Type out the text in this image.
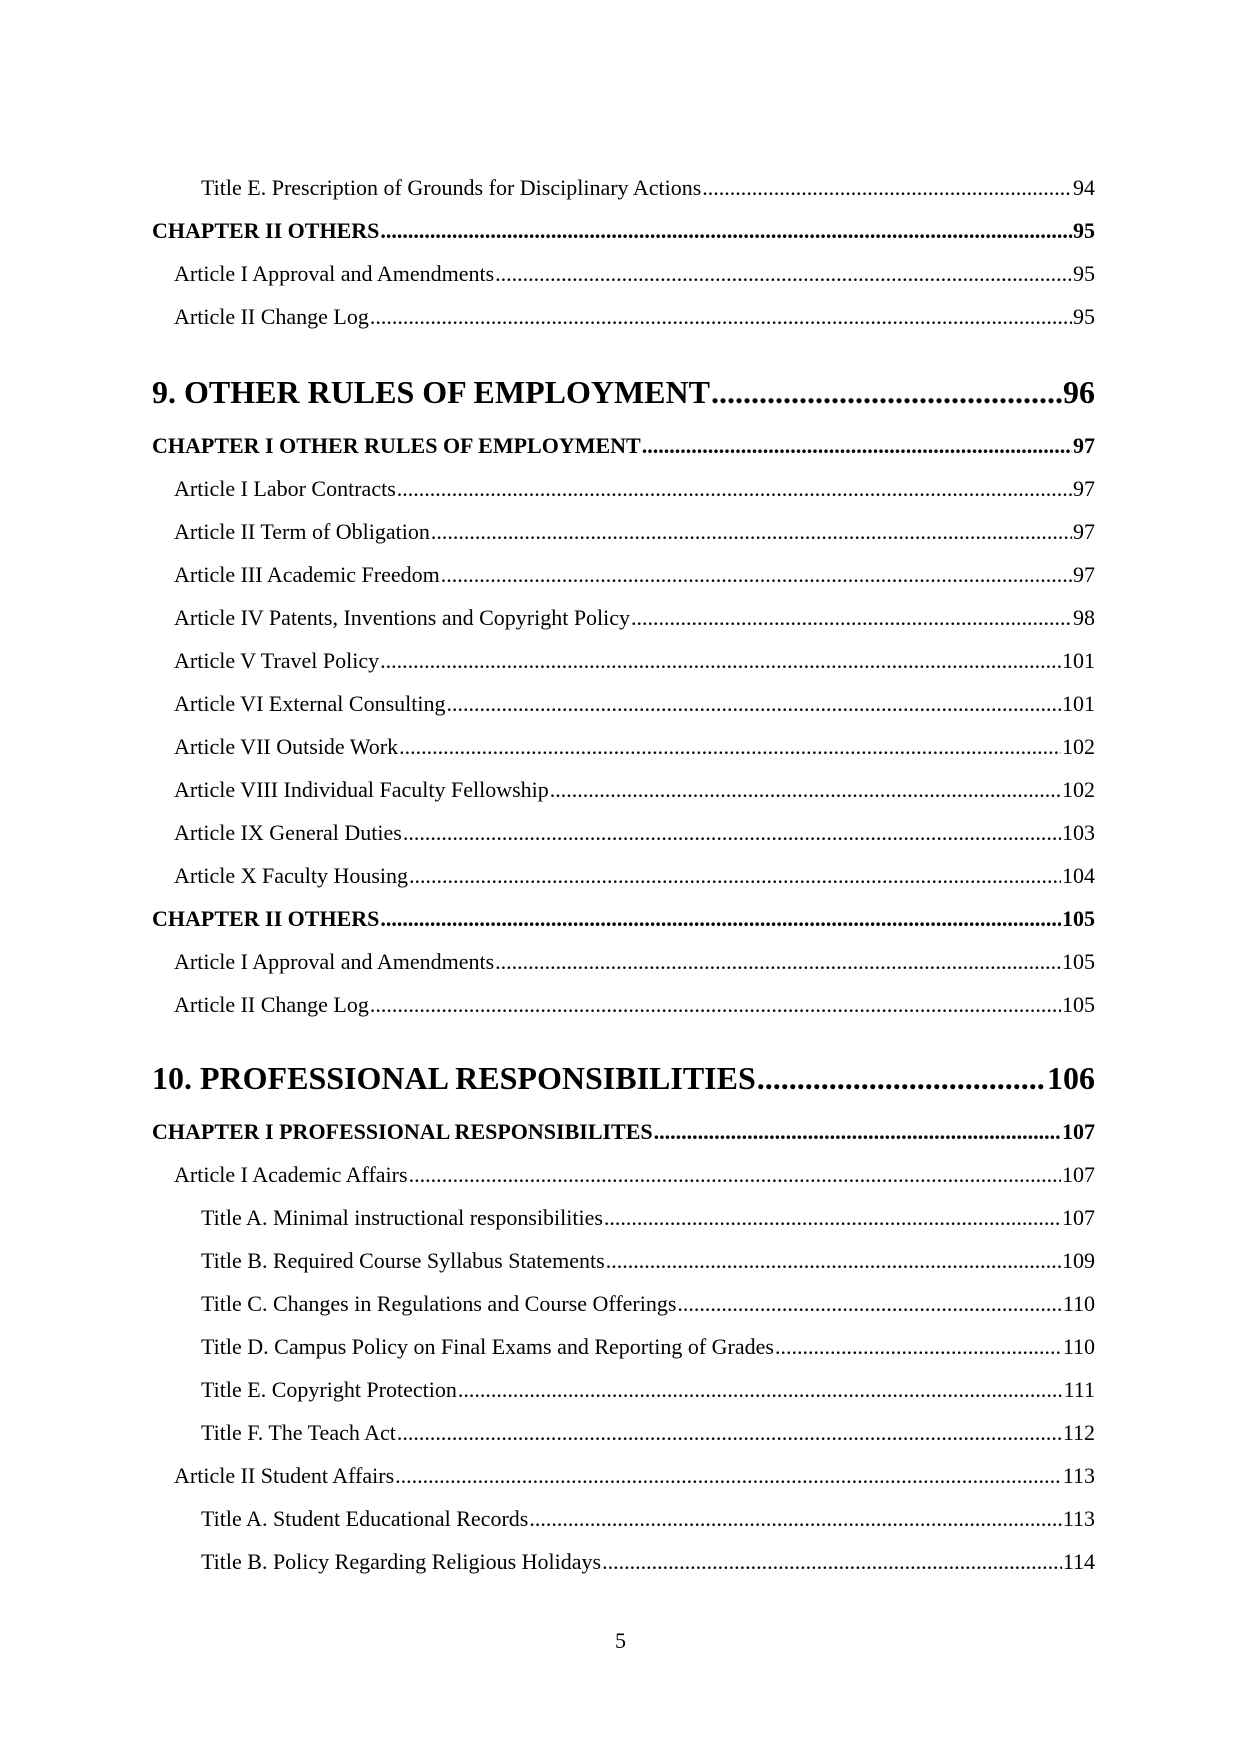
Title E. Prescription of Grounds for Disciplinary Actions .....	94
CHAPTER II OTHERS .....	95
Article I Approval and Amendments .....	95
Article II Change Log .....	95
9. OTHER RULES OF EMPLOYMENT .....	96
CHAPTER I OTHER RULES OF EMPLOYMENT .....	97
Article I Labor Contracts .....	97
Article II Term of Obligation .....	97
Article III Academic Freedom .....	97
Article IV Patents, Inventions and Copyright Policy .....	98
Article V Travel Policy .....	101
Article VI External Consulting .....	101
Article VII Outside Work .....	102
Article VIII Individual Faculty Fellowship .....	102
Article IX General Duties .....	103
Article X Faculty Housing .....	104
CHAPTER II OTHERS .....	105
Article I Approval and Amendments .....	105
Article II Change Log .....	105
10. PROFESSIONAL RESPONSIBILITIES .....	106
CHAPTER I PROFESSIONAL RESPONSIBILITES .....	107
Article I Academic Affairs .....	107
Title A. Minimal instructional responsibilities .....	107
Title B. Required Course Syllabus Statements .....	109
Title C. Changes in Regulations and Course Offerings .....	110
Title D. Campus Policy on Final Exams and Reporting of Grades .....	110
Title E. Copyright Protection .....	111
Title F. The Teach Act .....	112
Article II Student Affairs .....	113
Title A. Student Educational Records .....	113
Title B. Policy Regarding Religious Holidays .....	114
5
